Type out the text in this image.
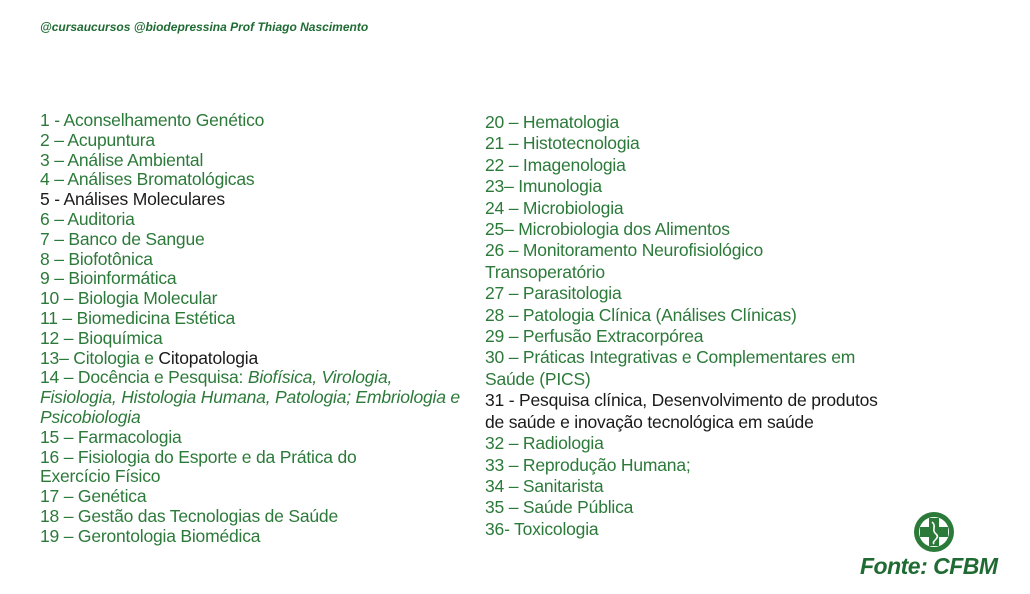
@cursaucursos @biodepressina Prof Thiago Nascimento
1 - Aconselhamento Genético
2 – Acupuntura
3 – Análise Ambiental
4 – Análises Bromatológicas
5 - Análises Moleculares
6 – Auditoria
7 – Banco de Sangue
8 – Biofotônica
9 – Bioinformática
10 – Biologia Molecular
11 – Biomedicina Estética
12 – Bioquímica
13– Citologia e Citopatologia
14 – Docência e Pesquisa: Biofísica, Virologia, Fisiologia, Histologia Humana, Patologia; Embriologia e Psicobiologia
15 – Farmacologia
16 – Fisiologia do Esporte e da Prática do Exercício Físico
17 – Genética
18 – Gestão das Tecnologias de Saúde
19 – Gerontologia Biomédica
20 – Hematologia
21 – Histotecnologia
22 – Imagenologia
23– Imunologia
24 – Microbiologia
25– Microbiologia dos Alimentos
26 – Monitoramento Neurofisiológico Transoperatório
27 – Parasitologia
28 – Patologia Clínica (Análises Clínicas)
29 – Perfusão Extracorpórea
30 – Práticas Integrativas e Complementares em Saúde (PICS)
31 - Pesquisa clínica, Desenvolvimento de produtos de saúde e inovação tecnológica em saúde
32 – Radiologia
33 – Reprodução Humana;
34 – Sanitarista
35 – Saúde Pública
36- Toxicologia
Fonte: CFBM
